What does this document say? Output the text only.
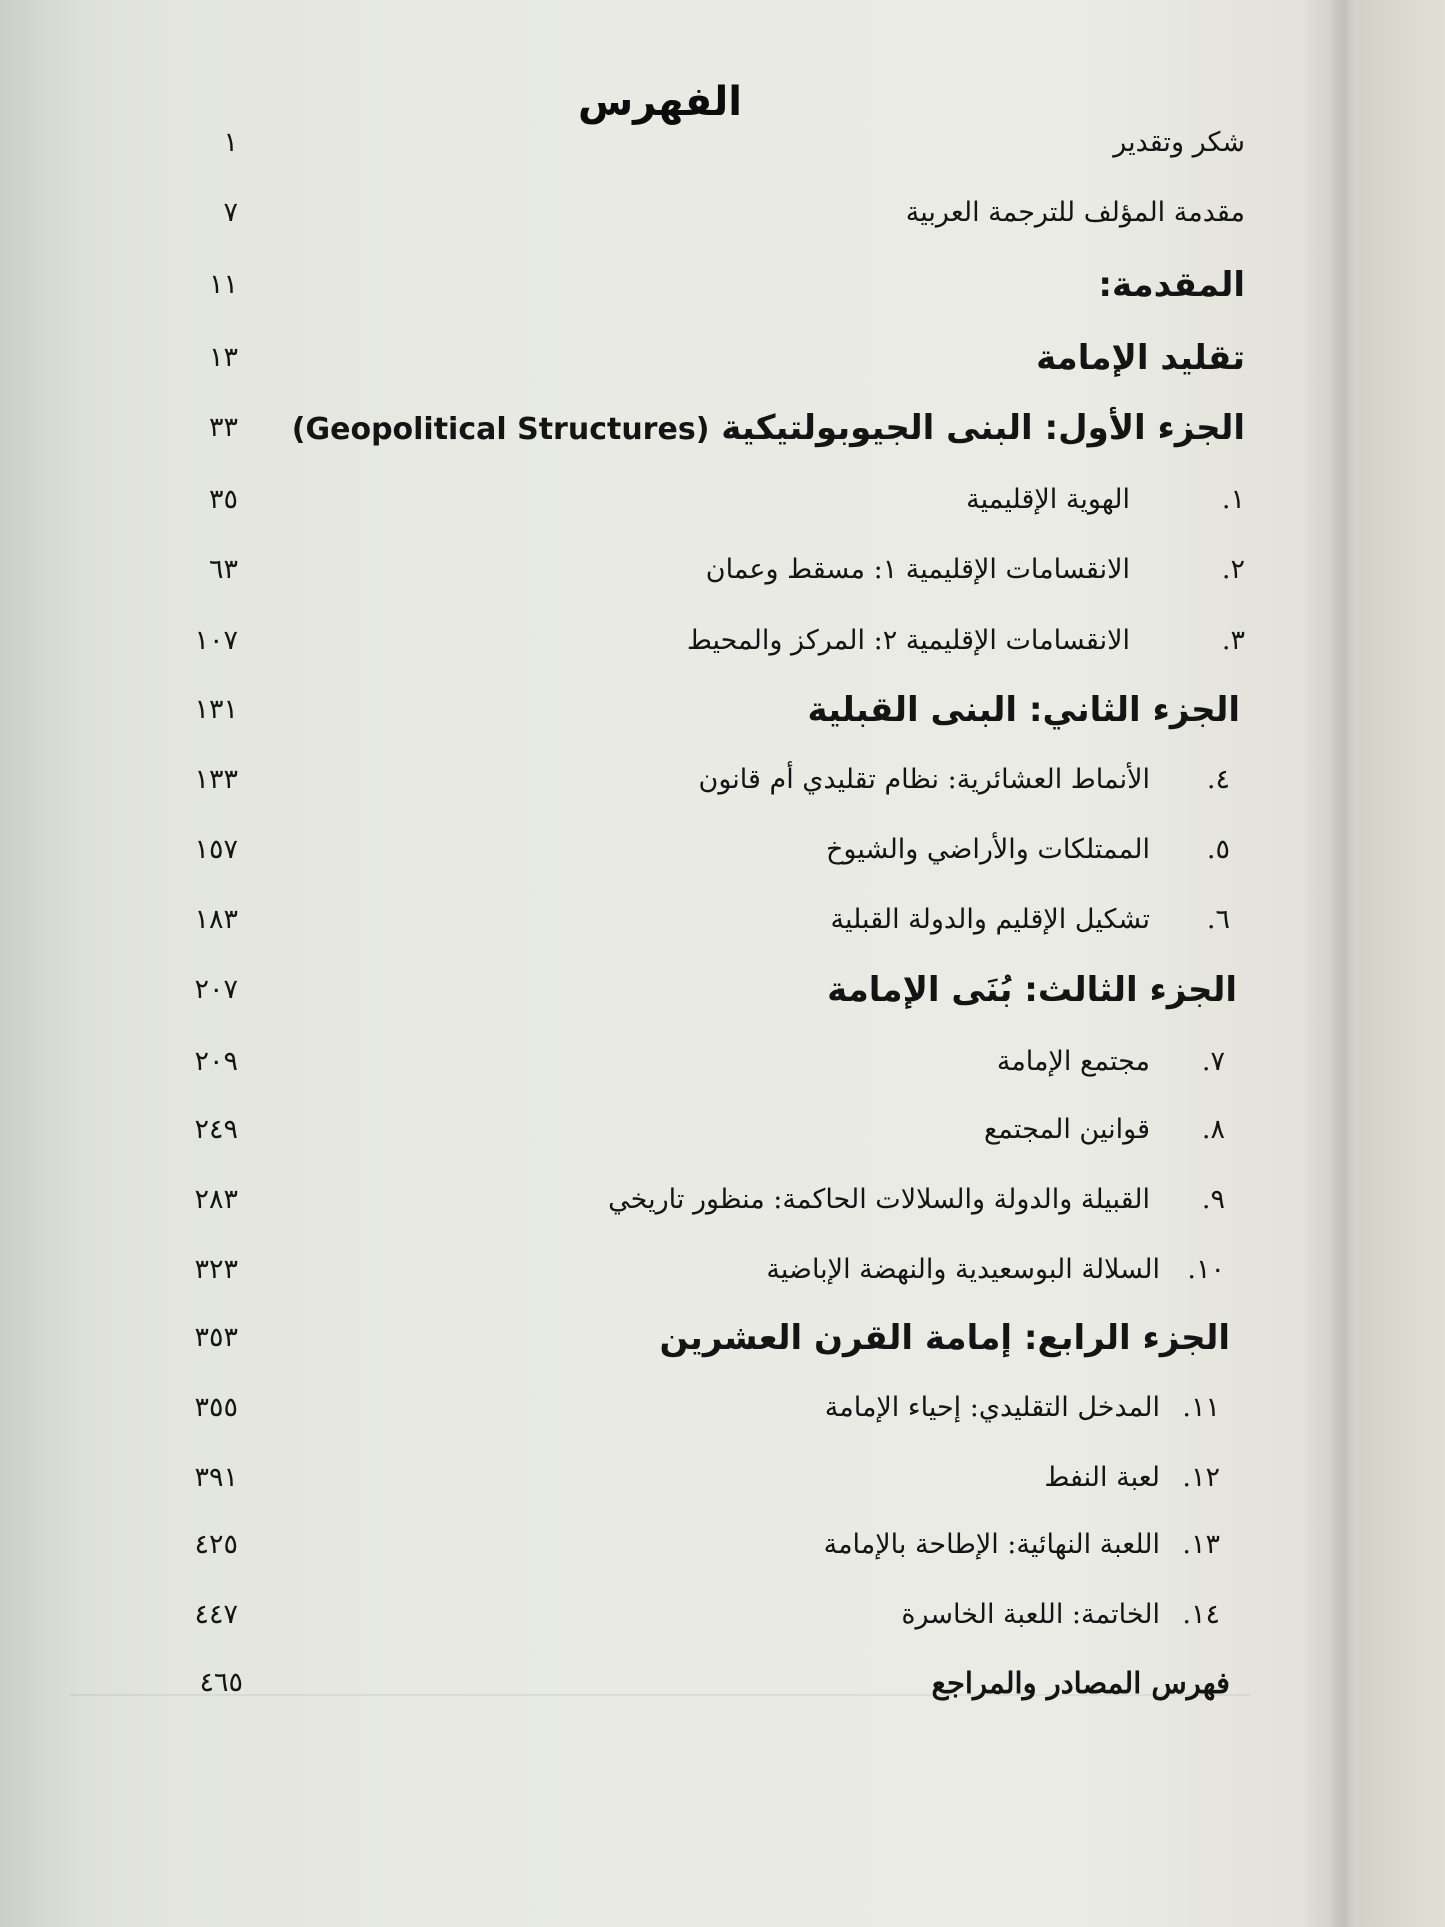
الفهرس
شكر وتقدير
١
مقدمة المؤلف للترجمة العربية
٧
المقدمة:
١١
تقليد الإمامة
١٣
الجزء الأول: البنى الجيوبولتيكية (Geopolitical Structures)
٣٣
١.
الهوية الإقليمية
٣٥
٢.
الانقسامات الإقليمية ١: مسقط وعمان
٦٣
٣.
الانقسامات الإقليمية ٢: المركز والمحيط
١٠٧
الجزء الثاني: البنى القبلية
١٣١
٤.
الأنماط العشائرية: نظام تقليدي أم قانون
١٣٣
٥.
الممتلكات والأراضي والشيوخ
١٥٧
٦.
تشكيل الإقليم والدولة القبلية
١٨٣
الجزء الثالث: بُنَى الإمامة
٢٠٧
٧.
مجتمع الإمامة
٢٠٩
٨.
قوانين المجتمع
٢٤٩
٩.
القبيلة والدولة والسلالات الحاكمة: منظور تاريخي
٢٨٣
١٠.
السلالة البوسعيدية والنهضة الإباضية
٣٢٣
الجزء الرابع: إمامة القرن العشرين
٣٥٣
١١.
المدخل التقليدي: إحياء الإمامة
٣٥٥
١٢.
لعبة النفط
٣٩١
١٣.
اللعبة النهائية: الإطاحة بالإمامة
٤٢٥
١٤.
الخاتمة: اللعبة الخاسرة
٤٤٧
فهرس المصادر والمراجع
٤٦٥
